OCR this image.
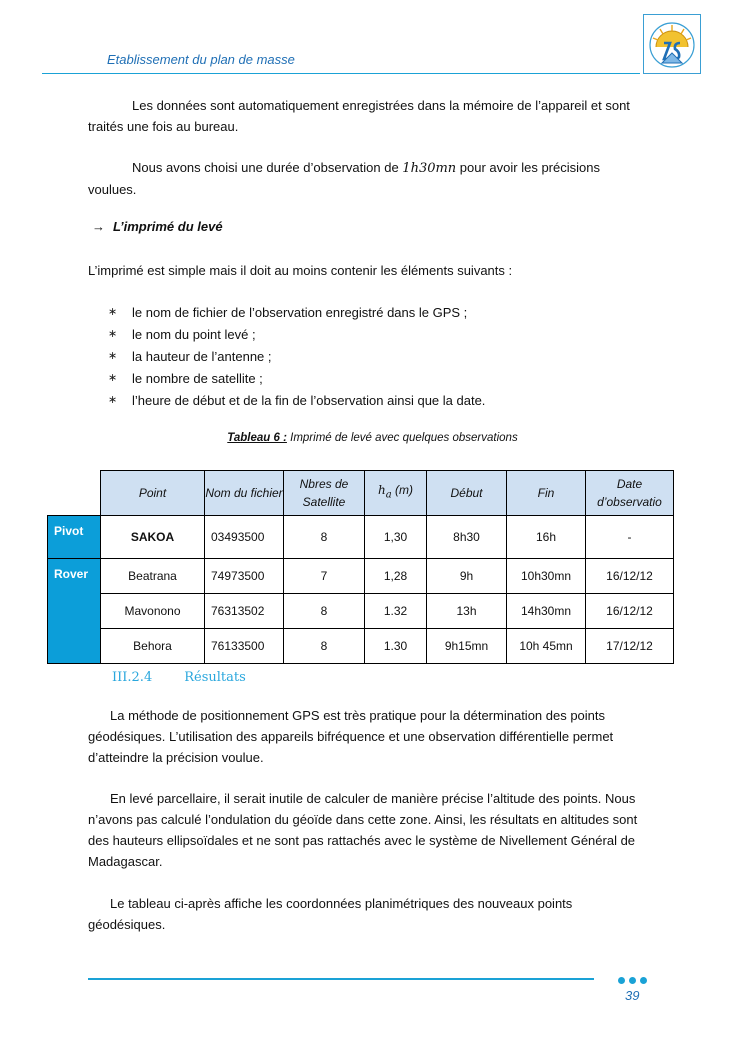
Etablissement du plan de masse
Les données sont automatiquement enregistrées dans la mémoire de l’appareil et sont traités une fois au bureau.
Nous avons choisi une durée d’observation de 1h30mn pour avoir les précisions voulues.
→ L’imprimé du levé
L’imprimé est simple mais il doit au moins contenir les éléments suivants :
∗	le nom de fichier de l’observation enregistré dans le GPS ;
∗	le nom du point levé ;
∗	la hauteur de l’antenne ;
∗	le nombre de satellite ;
∗	l’heure de début et de la fin de l’observation ainsi que la date.
Tableau 6 : Imprimé de levé avec quelques observations
	Point	Nom du fichier	Nbres de Satellite	$h_a$ (m)	Début	Fin	Date d’observatio
Pivot	SAKOA	03493500	8	1,30	8h30	16h	-
Rover	Beatrana	74973500	7	1,28	9h	10h30mn	16/12/12
	Mavonono	76313502	8	1.32	13h	14h30mn	16/12/12
	Behora	76133500	8	1.30	9h15mn	10h 45mn	17/12/12
III.2.4 Résultats
La méthode de positionnement GPS est très pratique pour la détermination des points géodésiques. L’utilisation des appareils bifréquence et une observation différentielle permet d’atteindre la précision voulue.
En levé parcellaire, il serait inutile de calculer de manière précise l’altitude des points. Nous n’avons pas calculé l’ondulation du géoïde dans cette zone. Ainsi, les résultats en altitudes sont des hauteurs ellipsoïdales et ne sont pas rattachés avec le système de Nivellement Général de Madagascar.
Le tableau ci-après affiche les coordonnées planimétriques des nouveaux points géodésiques.
39
